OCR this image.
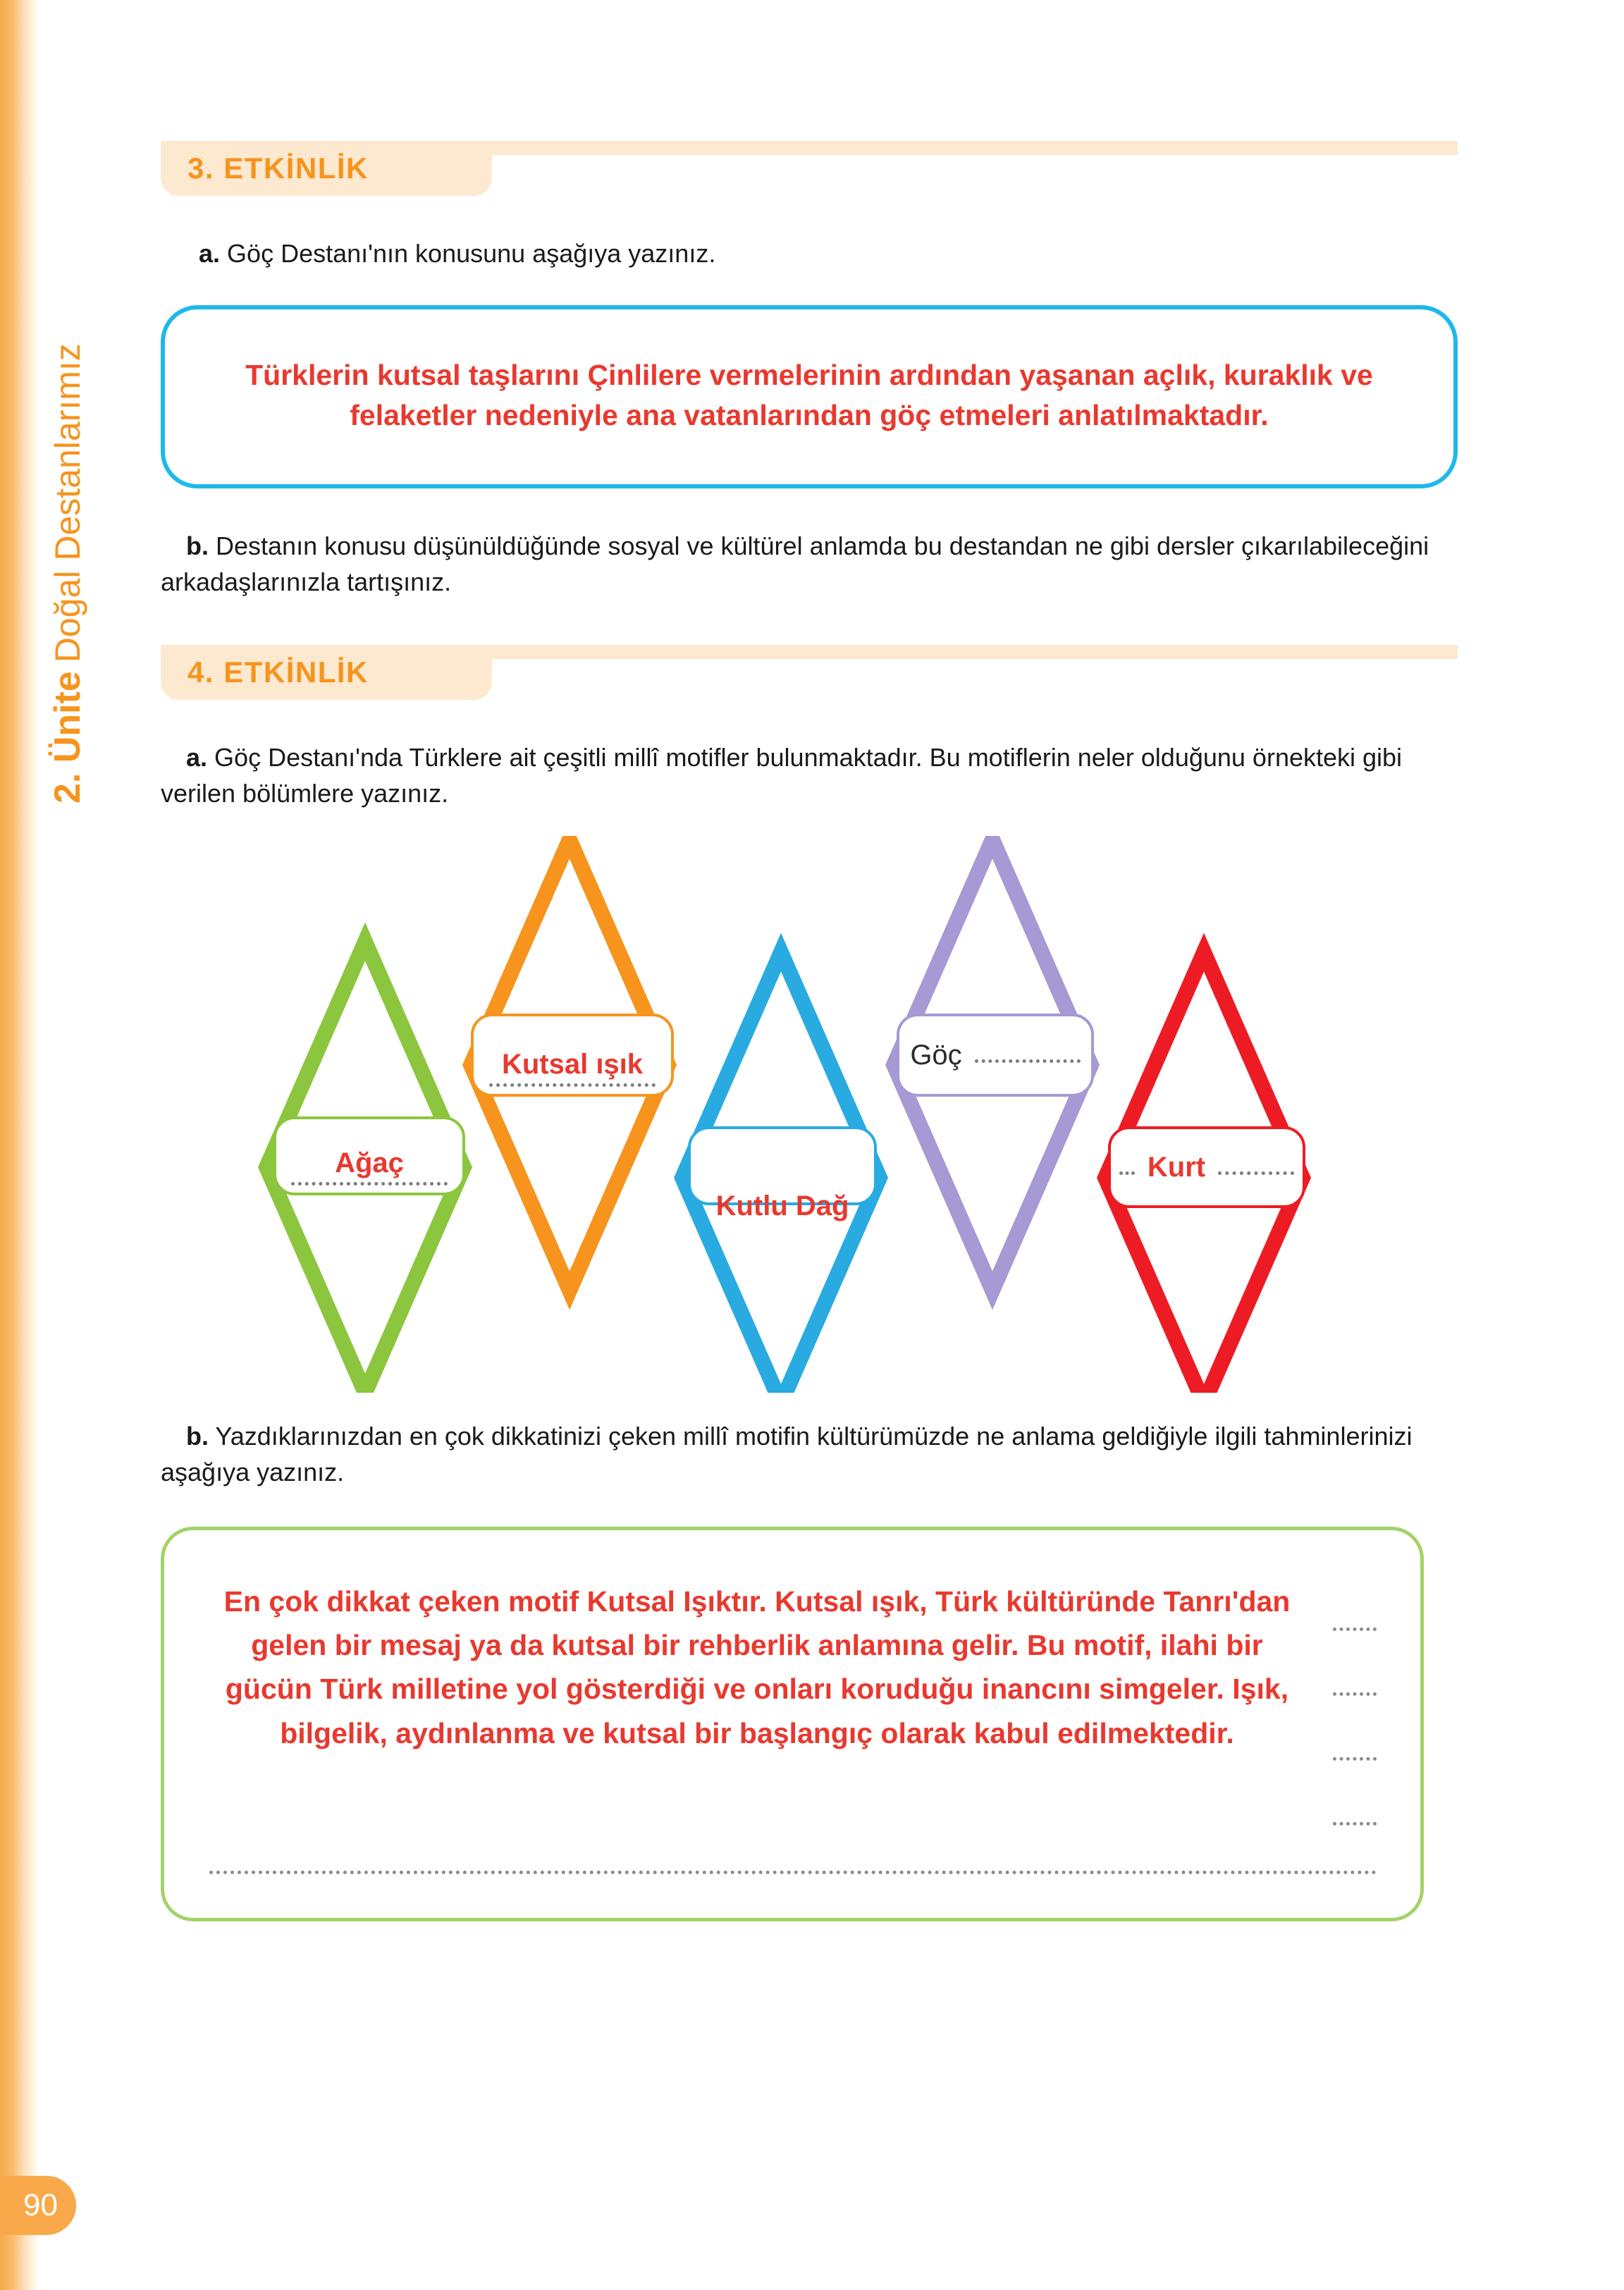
2. Ünite
Doğal Destanlarımız
90
3. ETKİNLİK
a. Göç Destanı'nın konusunu aşağıya yazınız.
Türklerin kutsal taşlarını Çinlilere vermelerinin ardından yaşanan açlık, kuraklık ve felaketler nedeniyle ana vatanlarından göç etmeleri anlatılmaktadır.
b. Destanın konusu düşünüldüğünde sosyal ve kültürel anlamda bu destandan ne gibi dersler çıkarılabileceğini arkadaşlarınızla tartışınız.
4. ETKİNLİK
a. Göç Destanı'nda Türklere ait çeşitli millî motifler bulunmaktadır. Bu motiflerin neler olduğunu örnekteki gibi verilen bölümlere yazınız.
Ağaç
Kutsal ışık
Kutlu Dağ
Göç
Kurt
b. Yazdıklarınızdan en çok dikkatinizi çeken millî motifin kültürümüzde ne anlama geldiğiyle ilgili tahminlerinizi aşağıya yazınız.
En çok dikkat çeken motif Kutsal Işıktır. Kutsal ışık, Türk kültüründe Tanrı'dan gelen bir mesaj ya da kutsal bir rehberlik anlamına gelir. Bu motif, ilahi bir gücün Türk milletine yol gösterdiği ve onları koruduğu inancını simgeler. Işık, bilgelik, aydınlanma ve kutsal bir başlangıç olarak kabul edilmektedir.
